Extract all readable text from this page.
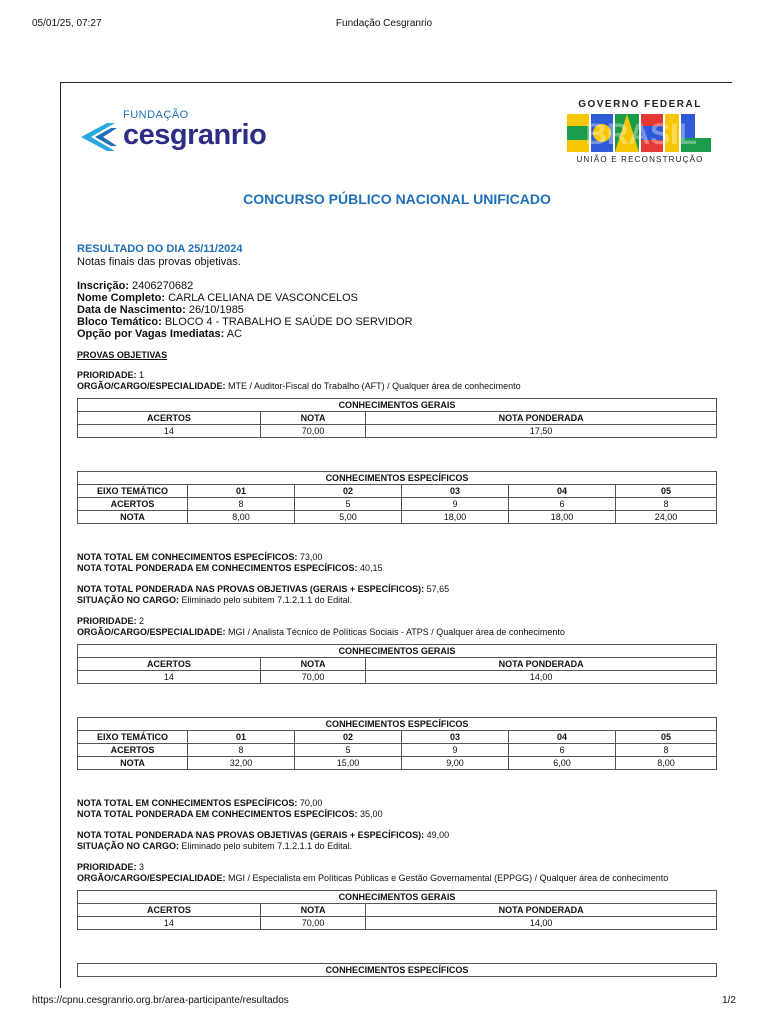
05/01/25, 07:27	Fundação Cesgranrio
FUNDAÇÃO
cesgranrio
GOVERNO FEDERAL
BRASIL
UNIÃO E RECONSTRUÇÃO
CONCURSO PÚBLICO NACIONAL UNIFICADO
RESULTADO DO DIA 25/11/2024
Notas finais das provas objetivas.
Inscrição: 2406270682
Nome Completo: CARLA CELIANA DE VASCONCELOS
Data de Nascimento: 26/10/1985
Bloco Temático: BLOCO 4 - TRABALHO E SAÚDE DO SERVIDOR
Opção por Vagas Imediatas: AC
PROVAS OBJETIVAS
PRIORIDADE: 1
ORGÃO/CARGO/ESPECIALIDADE: MTE / Auditor-Fiscal do Trabalho (AFT) / Qualquer área de conhecimento
CONHECIMENTOS GERAIS		
ACERTOS	NOTA	NOTA PONDERADA
14	70,00	17,50
CONHECIMENTOS ESPECÍFICOS					
EIXO TEMÁTICO	01	02	03	04	05
ACERTOS	8	5	9	6	8
NOTA	8,00	5,00	18,00	18,00	24,00
NOTA TOTAL EM CONHECIMENTOS ESPECÍFICOS: 73,00
NOTA TOTAL PONDERADA EM CONHECIMENTOS ESPECÍFICOS: 40,15
NOTA TOTAL PONDERADA NAS PROVAS OBJETIVAS (GERAIS + ESPECÍFICOS): 57,65
SITUAÇÃO NO CARGO: Eliminado pelo subitem 7.1.2.1.1 do Edital.
PRIORIDADE: 2
ORGÃO/CARGO/ESPECIALIDADE: MGI / Analista Técnico de Políticas Sociais - ATPS / Qualquer área de conhecimento
CONHECIMENTOS GERAIS		
ACERTOS	NOTA	NOTA PONDERADA
14	70,00	14,00
CONHECIMENTOS ESPECÍFICOS					
EIXO TEMÁTICO	01	02	03	04	05
ACERTOS	8	5	9	6	8
NOTA	32,00	15,00	9,00	6,00	8,00
NOTA TOTAL EM CONHECIMENTOS ESPECÍFICOS: 70,00
NOTA TOTAL PONDERADA EM CONHECIMENTOS ESPECÍFICOS: 35,00
NOTA TOTAL PONDERADA NAS PROVAS OBJETIVAS (GERAIS + ESPECÍFICOS): 49,00
SITUAÇÃO NO CARGO: Eliminado pelo subitem 7.1.2.1.1 do Edital.
PRIORIDADE: 3
ORGÃO/CARGO/ESPECIALIDADE: MGI / Especialista em Políticas Públicas e Gestão Governamental (EPPGG) / Qualquer área de conhecimento
CONHECIMENTOS GERAIS		
ACERTOS	NOTA	NOTA PONDERADA
14	70,00	14,00
CONHECIMENTOS ESPECÍFICOS
https://cpnu.cesgranrio.org.br/area-participante/resultados	1/2
